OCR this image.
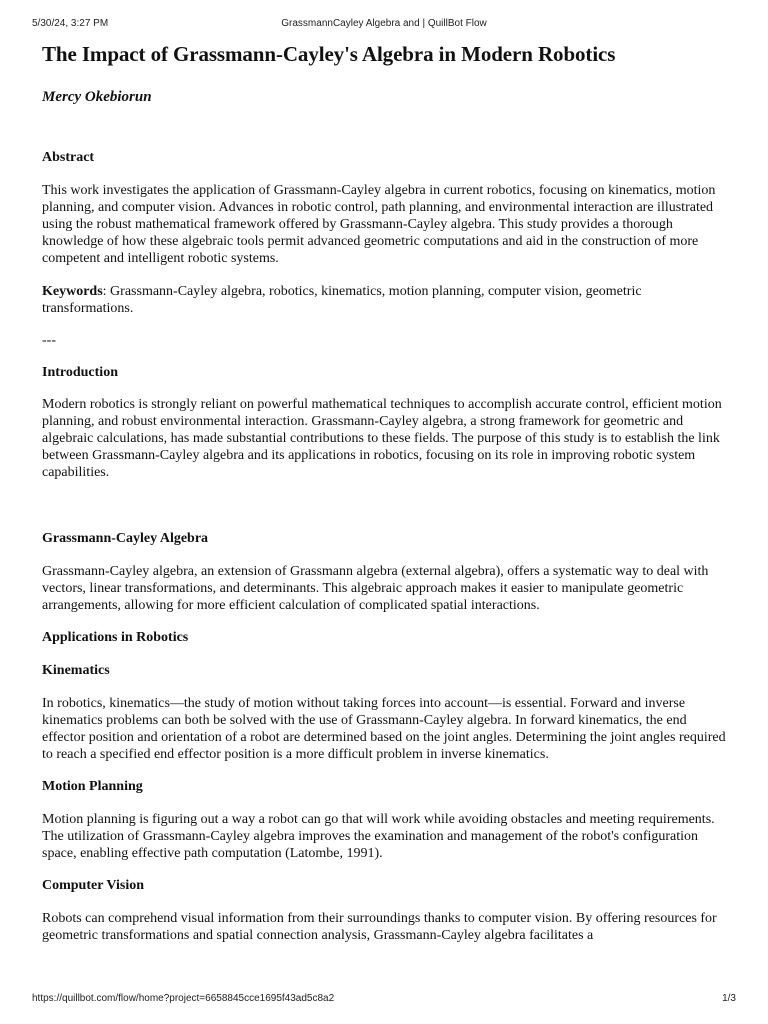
5/30/24, 3:27 PM	GrassmannCayley Algebra and | QuillBot Flow
The Impact of Grassmann-Cayley's Algebra in Modern Robotics
Mercy Okebiorun
Abstract

This work investigates the application of Grassmann-Cayley algebra in current robotics, focusing on kinematics, motion planning, and computer vision. Advances in robotic control, path planning, and environmental interaction are illustrated using the robust mathematical framework offered by Grassmann-Cayley algebra. This study provides a thorough knowledge of how these algebraic tools permit advanced geometric computations and aid in the construction of more competent and intelligent robotic systems.

Keywords: Grassmann-Cayley algebra, robotics, kinematics, motion planning, computer vision, geometric transformations.

---
Introduction

Modern robotics is strongly reliant on powerful mathematical techniques to accomplish accurate control, efficient motion planning, and robust environmental interaction. Grassmann-Cayley algebra, a strong framework for geometric and algebraic calculations, has made substantial contributions to these fields. The purpose of this study is to establish the link between Grassmann-Cayley algebra and its applications in robotics, focusing on its role in improving robotic system capabilities.

Grassmann-Cayley Algebra

Grassmann-Cayley algebra, an extension of Grassmann algebra (external algebra), offers a systematic way to deal with vectors, linear transformations, and determinants. This algebraic approach makes it easier to manipulate geometric arrangements, allowing for more efficient calculation of complicated spatial interactions.

Applications in Robotics
Kinematics

In robotics, kinematics—the study of motion without taking forces into account—is essential. Forward and inverse kinematics problems can both be solved with the use of Grassmann-Cayley algebra. In forward kinematics, the end effector position and orientation of a robot are determined based on the joint angles. Determining the joint angles required to reach a specified end effector position is a more difficult problem in inverse kinematics.

Motion Planning

Motion planning is figuring out a way a robot can go that will work while avoiding obstacles and meeting requirements. The utilization of Grassmann-Cayley algebra improves the examination and management of the robot's configuration space, enabling effective path computation (Latombe, 1991).

Computer Vision

Robots can comprehend visual information from their surroundings thanks to computer vision. By offering resources for geometric transformations and spatial connection analysis, Grassmann-Cayley algebra facilitates a

https://quillbot.com/flow/home?project=6658845cce1695f43ad5c8a2	1/3
